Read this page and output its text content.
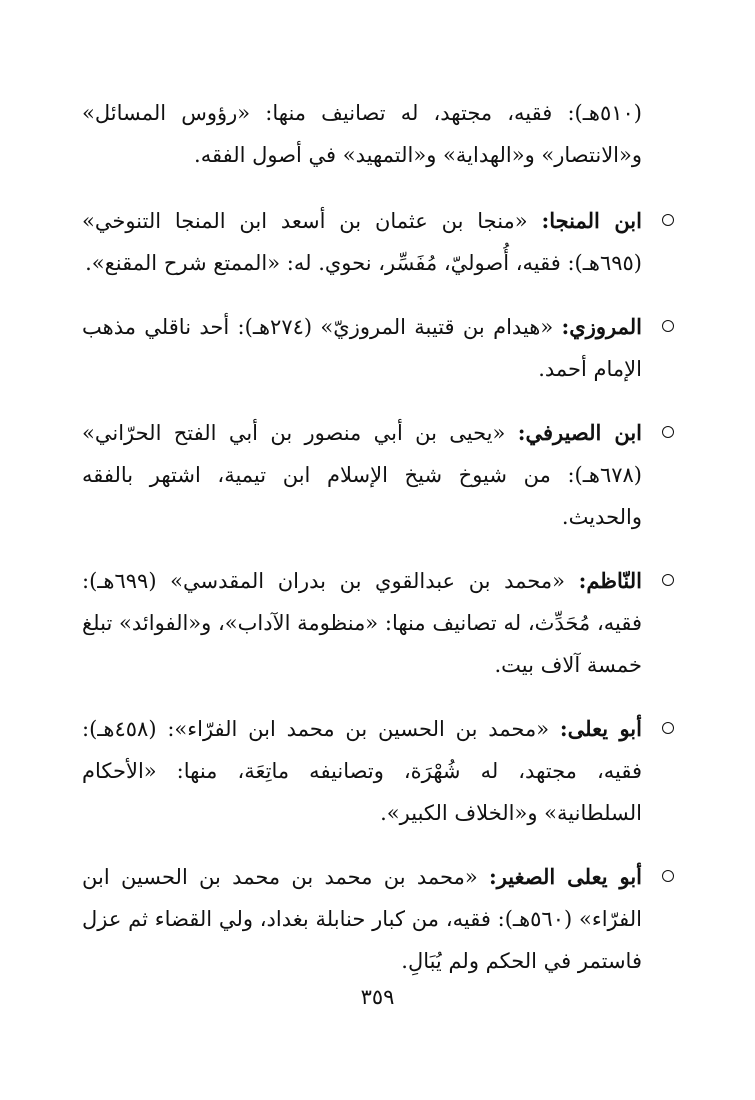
(٥١٠هـ): فقيه، مجتهد، له تصانيف منها: «رؤوس المسائل» و«الانتصار» و«الهداية» و«التمهيد» في أصول الفقه.

ابن المنجا: «منجا بن عثمان بن أسعد ابن المنجا التنوخي» (٦٩٥هـ): فقيه، أُصوليّ، مُفَسِّر، نحوي. له: «الممتع شرح المقنع».

المروزي: «هيدام بن قتيبة المروزيّ» (٢٧٤هـ): أحد ناقلي مذهب الإمام أحمد.

ابن الصيرفي: «يحيى بن أبي منصور بن أبي الفتح الحرّاني» (٦٧٨هـ): من شيوخ شيخ الإسلام ابن تيمية، اشتهر بالفقه والحديث.

النّاظم: «محمد بن عبدالقوي بن بدران المقدسي» (٦٩٩هـ): فقيه، مُحَدِّث، له تصانيف منها: «منظومة الآداب»، و«الفوائد» تبلغ خمسة آلاف بيت.

أبو يعلى: «محمد بن الحسين بن محمد ابن الفرّاء»: (٤٥٨هـ): فقيه، مجتهد، له شُهْرَة، وتصانيفه ماتِعَة، منها: «الأحكام السلطانية» و«الخلاف الكبير».

أبو يعلى الصغير: «محمد بن محمد بن محمد بن الحسين ابن الفرّاء» (٥٦٠هـ): فقيه، من كبار حنابلة بغداد، ولي القضاء ثم عزل فاستمر في الحكم ولم يُبَالِ.

٣٥٩
